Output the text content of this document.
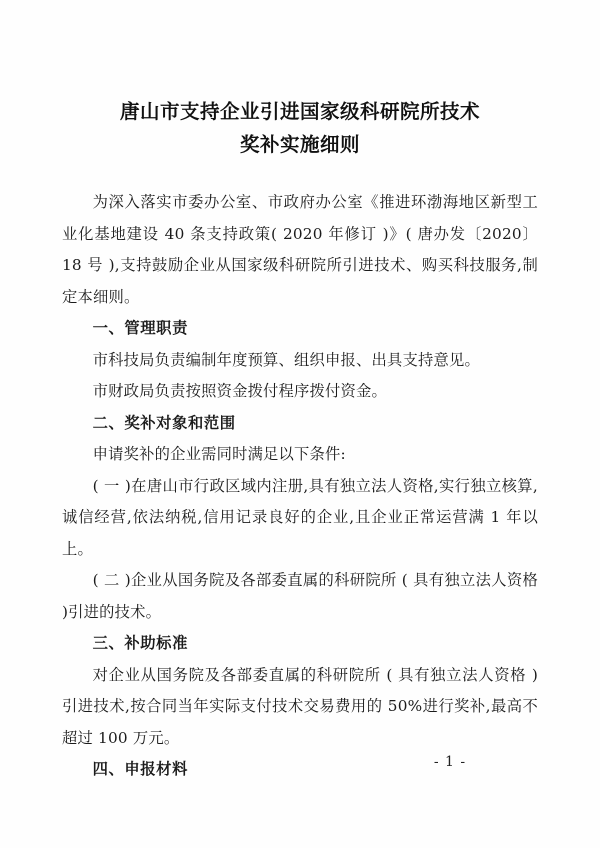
唐山市支持企业引进国家级科研院所技术
奖补实施细则

为深入落实市委办公室、市政府办公室《推进环渤海地区新型工业化基地建设 40 条支持政策( 2020 年修订 )》( 唐办发〔2020〕18 号 ),支持鼓励企业从国家级科研院所引进技术、购买科技服务,制定本细则。

一、管理职责

市科技局负责编制年度预算、组织申报、出具支持意见。

市财政局负责按照资金拨付程序拨付资金。

二、奖补对象和范围

申请奖补的企业需同时满足以下条件:

( 一 )在唐山市行政区域内注册,具有独立法人资格,实行独立核算,诚信经营,依法纳税,信用记录良好的企业,且企业正常运营满 1 年以上。

( 二 )企业从国务院及各部委直属的科研院所 ( 具有独立法人资格 )引进的技术。

三、补助标准

对企业从国务院及各部委直属的科研院所 ( 具有独立法人资格 )引进技术,按合同当年实际支付技术交易费用的 50%进行奖补,最高不超过 100 万元。

四、申报材料	- 1 -
